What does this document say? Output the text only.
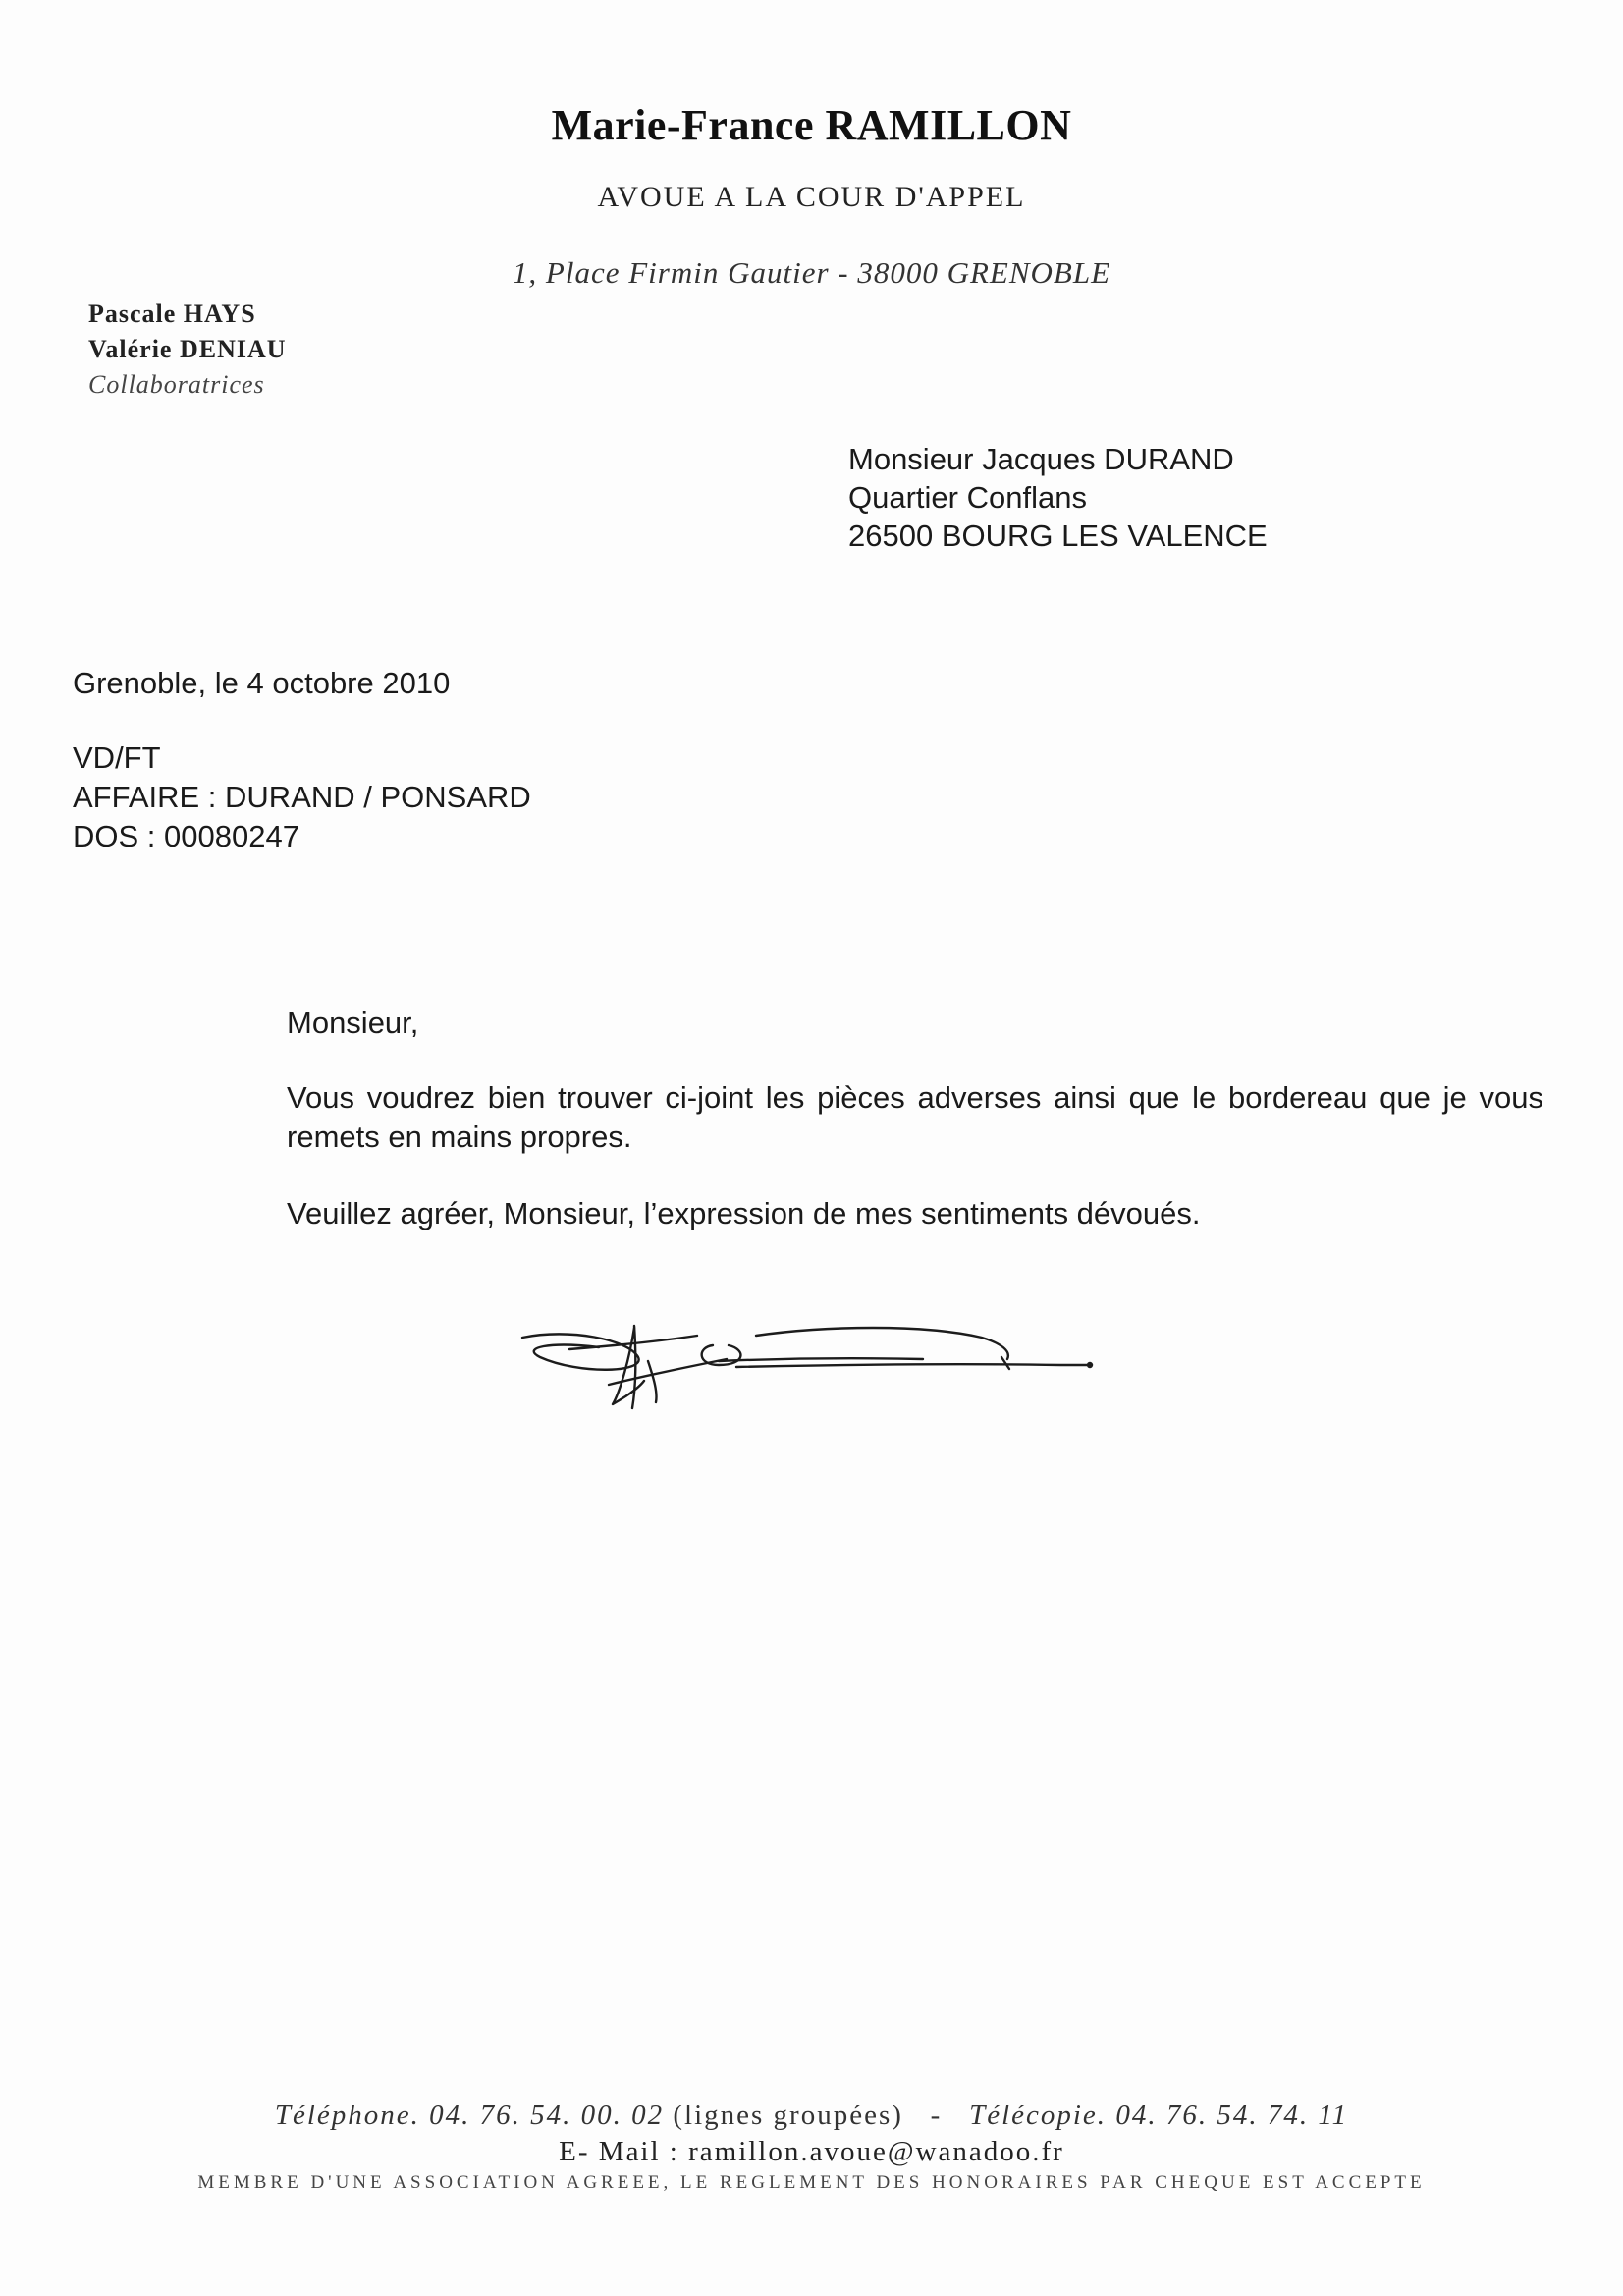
Marie-France RAMILLON
AVOUE A LA COUR D'APPEL
1, Place Firmin Gautier - 38000 GRENOBLE
Pascale HAYS
Valérie DENIAU
Collaboratrices
Monsieur Jacques DURAND
Quartier Conflans
26500 BOURG LES VALENCE
Grenoble, le 4 octobre 2010
VD/FT
AFFAIRE : DURAND / PONSARD
DOS : 00080247
Monsieur,
Vous voudrez bien trouver ci-joint les pièces adverses ainsi que le bordereau que je vous remets en mains propres.
Veuillez agréer, Monsieur, l’expression de mes sentiments dévoués.
Téléphone. 04. 76. 54. 00. 02 (lignes groupées) - Télécopie. 04. 76. 54. 74. 11
E- Mail : ramillon.avoue@wanadoo.fr
MEMBRE D'UNE ASSOCIATION AGREEE, LE REGLEMENT DES HONORAIRES PAR CHEQUE EST ACCEPTE
